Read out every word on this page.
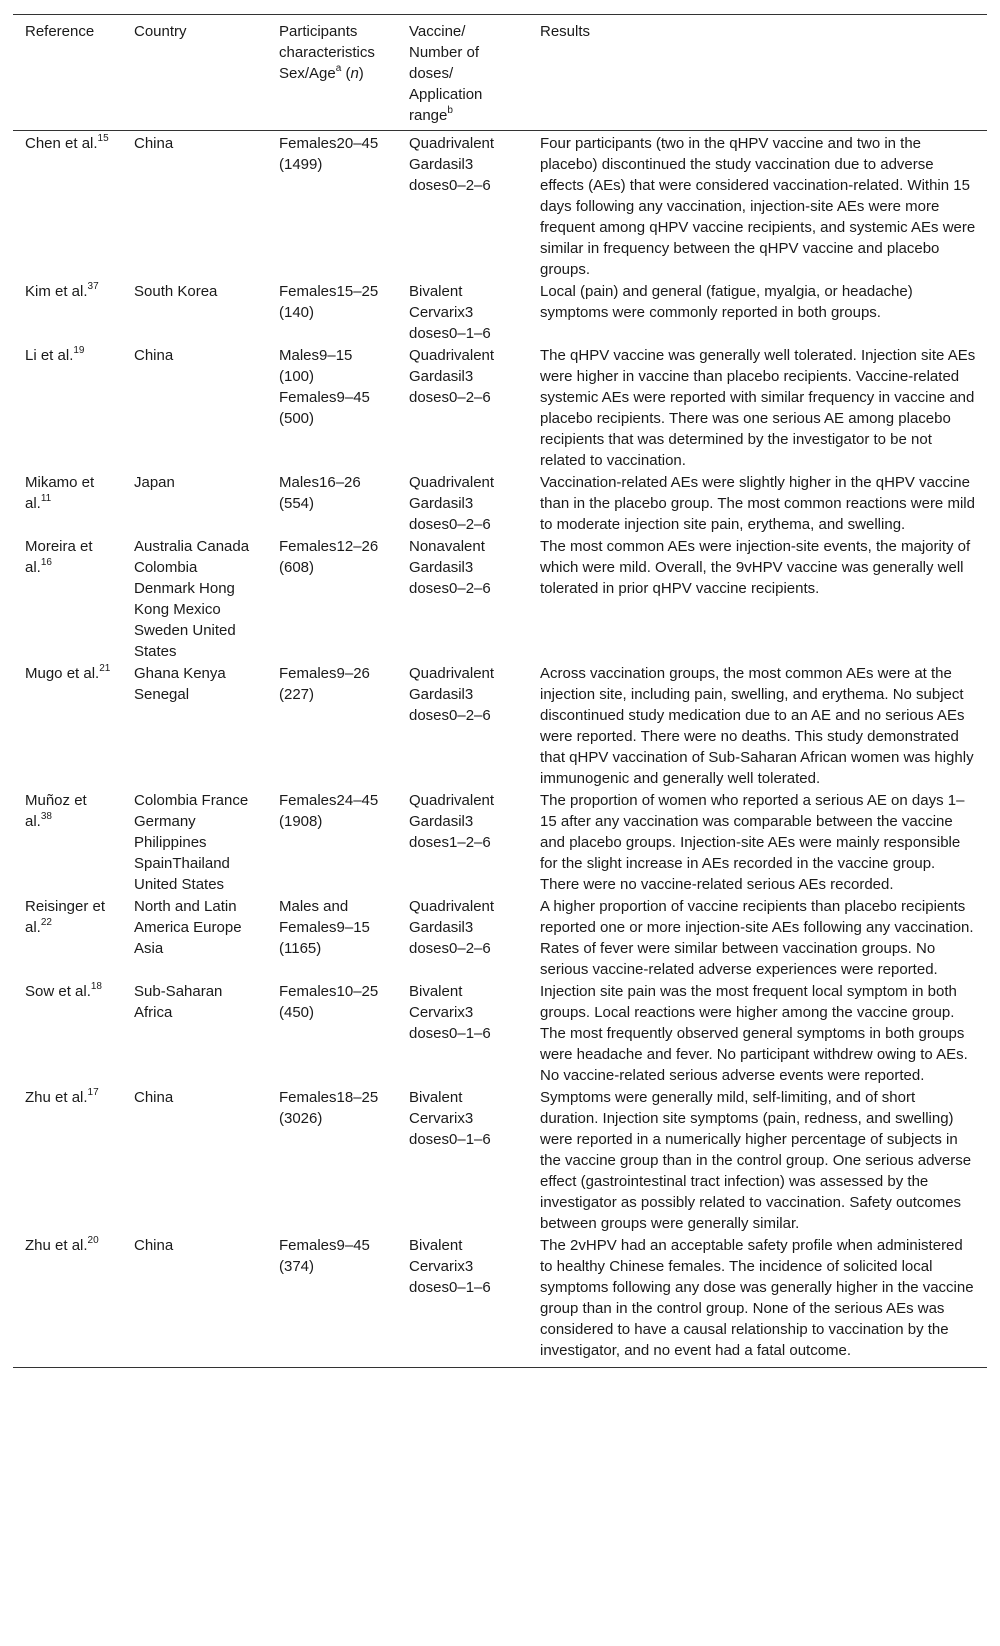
Reference	Country	Participants characteristics Sex/Age$^a$ (n)	Vaccine/ Number of doses/ Application range$^b$	Results
Chen et al.$^{15}$	China	Females20–45 (1499)	Quadrivalent Gardasil3 doses0–2–6	Four participants (two in the qHPV vaccine and two in the placebo) discontinued the study vaccination due to adverse effects (AEs) that were considered vaccination-related. Within 15 days following any vaccination, injection-site AEs were more frequent among qHPV vaccine recipients, and systemic AEs were similar in frequency between the qHPV vaccine and placebo groups.
Kim et al.$^{37}$	South Korea	Females15–25 (140)	Bivalent Cervarix3 doses0–1–6	Local (pain) and general (fatigue, myalgia, or headache) symptoms were commonly reported in both groups.
Li et al.$^{19}$	China	Males9–15 (100) Females9–45 (500)	Quadrivalent Gardasil3 doses0–2–6	The qHPV vaccine was generally well tolerated. Injection site AEs were higher in vaccine than placebo recipients. Vaccine-related systemic AEs were reported with similar frequency in vaccine and placebo recipients. There was one serious AE among placebo recipients that was determined by the investigator to be not related to vaccination.
Mikamo et al.$^{11}$	Japan	Males16–26 (554)	Quadrivalent Gardasil3 doses0–2–6	Vaccination-related AEs were slightly higher in the qHPV vaccine than in the placebo group. The most common reactions were mild to moderate injection site pain, erythema, and swelling.
Moreira et al.$^{16}$	Australia Canada Colombia Denmark Hong Kong Mexico Sweden United States	Females12–26 (608)	Nonavalent Gardasil3 doses0–2–6	The most common AEs were injection-site events, the majority of which were mild. Overall, the 9vHPV vaccine was generally well tolerated in prior qHPV vaccine recipients.
Mugo et al.$^{21}$	Ghana Kenya Senegal	Females9–26 (227)	Quadrivalent Gardasil3 doses0–2–6	Across vaccination groups, the most common AEs were at the injection site, including pain, swelling, and erythema. No subject discontinued study medication due to an AE and no serious AEs were reported. There were no deaths. This study demonstrated that qHPV vaccination of Sub-Saharan African women was highly immunogenic and generally well tolerated.
Muñoz et al.$^{38}$	Colombia France Germany Philippines SpainThailand United States	Females24–45 (1908)	Quadrivalent Gardasil3 doses1–2–6	The proportion of women who reported a serious AE on days 1–15 after any vaccination was comparable between the vaccine and placebo groups. Injection-site AEs were mainly responsible for the slight increase in AEs recorded in the vaccine group. There were no vaccine-related serious AEs recorded.
Reisinger et al.$^{22}$	North and Latin America Europe Asia	Males and Females9–15 (1165)	Quadrivalent Gardasil3 doses0–2–6	A higher proportion of vaccine recipients than placebo recipients reported one or more injection-site AEs following any vaccination. Rates of fever were similar between vaccination groups. No serious vaccine-related adverse experiences were reported.
Sow et al.$^{18}$	Sub-Saharan Africa	Females10–25 (450)	Bivalent Cervarix3 doses0–1–6	Injection site pain was the most frequent local symptom in both groups. Local reactions were higher among the vaccine group. The most frequently observed general symptoms in both groups were headache and fever. No participant withdrew owing to AEs. No vaccine-related serious adverse events were reported.
Zhu et al.$^{17}$	China	Females18–25 (3026)	Bivalent Cervarix3 doses0–1–6	Symptoms were generally mild, self-limiting, and of short duration. Injection site symptoms (pain, redness, and swelling) were reported in a numerically higher percentage of subjects in the vaccine group than in the control group. One serious adverse effect (gastrointestinal tract infection) was assessed by the investigator as possibly related to vaccination. Safety outcomes between groups were generally similar.
Zhu et al.$^{20}$	China	Females9–45 (374)	Bivalent Cervarix3 doses0–1–6	The 2vHPV had an acceptable safety profile when administered to healthy Chinese females. The incidence of solicited local symptoms following any dose was generally higher in the vaccine group than in the control group. None of the serious AEs was considered to have a causal relationship to vaccination by the investigator, and no event had a fatal outcome.
